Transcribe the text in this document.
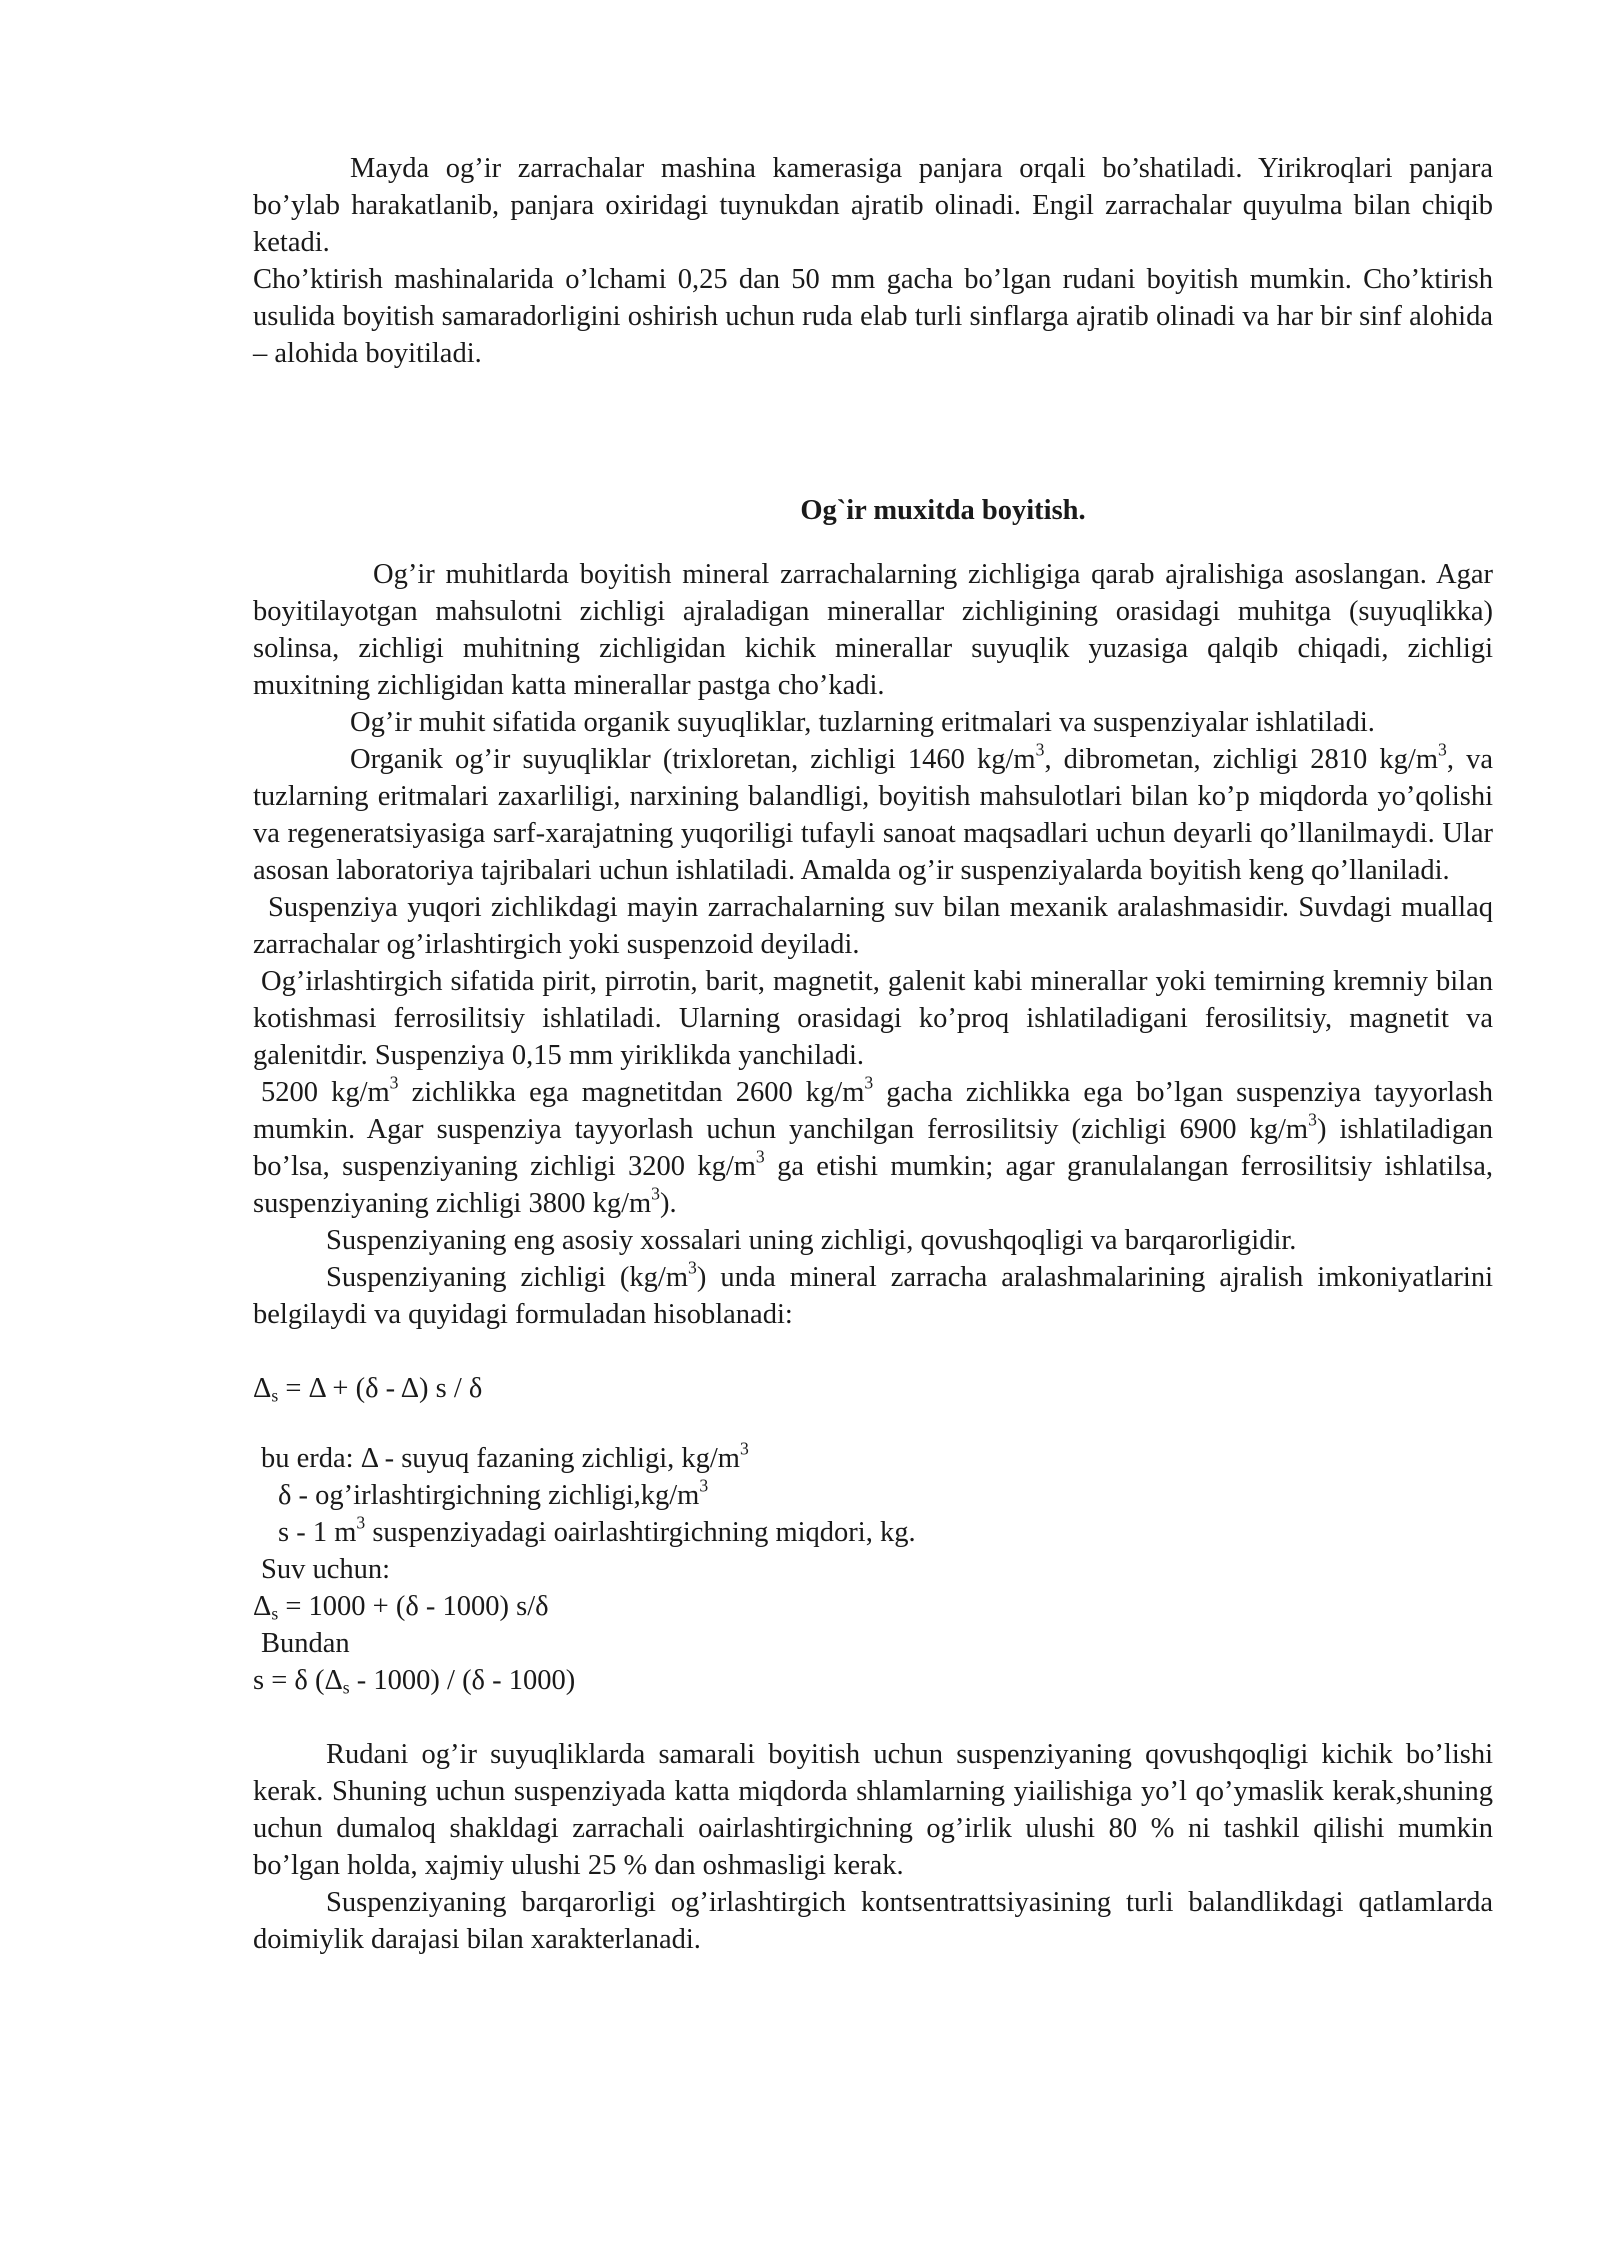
Mayda og’ir zarrachalar mashina kamerasiga panjara orqali bo’shatiladi. Yirikroqlari panjara bo’ylab harakatlanib, panjara oxiridagi tuynukdan ajratib olinadi. Engil zarrachalar quyulma bilan chiqib ketadi.

Cho’ktirish mashinalarida o’lchami 0,25 dan 50 mm gacha bo’lgan rudani boyitish mumkin. Cho’ktirish usulida boyitish samaradorligini oshirish uchun ruda elab turli sinflarga ajratib olinadi va har bir sinf alohida – alohida boyitiladi.

Og`ir muxitda boyitish.

Og’ir muhitlarda boyitish mineral zarrachalarning zichligiga qarab ajralishiga asoslangan. Agar boyitilayotgan mahsulotni zichligi ajraladigan minerallar zichligining orasidagi muhitga (suyuqlikka) solinsa, zichligi muhitning zichligidan kichik minerallar suyuqlik yuzasiga qalqib chiqadi, zichligi muxitning zichligidan katta minerallar pastga cho’kadi.

Og’ir muhit sifatida organik suyuqliklar, tuzlarning eritmalari va suspenziyalar ishlatiladi.

Organik og’ir suyuqliklar (trixloretan, zichligi 1460 $kg/m^3$, dibrometan, zichligi 2810 $kg/m^3$, va tuzlarning eritmalari zaxarliligi, narxining balandligi, boyitish mahsulotlari bilan ko’p miqdorda yo’qolishi va regeneratsiyasiga sarf-xarajatning yuqoriligi tufayli sanoat maqsadlari uchun deyarli qo’llanilmaydi. Ular asosan laboratoriya tajribalari uchun ishlatiladi. Amalda og’ir suspenziyalarda boyitish keng qo’llaniladi.

Suspenziya yuqori zichlikdagi mayin zarrachalarning suv bilan mexanik aralashmasidir. Suvdagi muallaq zarrachalar og’irlashtirgich yoki suspenzoid deyiladi.

Og’irlashtirgich sifatida pirit, pirrotin, barit, magnetit, galenit kabi minerallar yoki temirning kremniy bilan kotishmasi ferrosilitsiy ishlatiladi. Ularning orasidagi ko’proq ishlatiladigani ferosilitsiy, magnetit va galenitdir. Suspenziya 0,15 mm yiriklikda yanchiladi.

5200 $kg/m^3$ zichlikka ega magnetitdan 2600 $kg/m^3$ gacha zichlikka ega bo’lgan suspenziya tayyorlash mumkin. Agar suspenziya tayyorlash uchun yanchilgan ferrosilitsiy (zichligi 6900 $kg/m^3$) ishlatiladigan bo’lsa, suspenziyaning zichligi 3200 $kg/m^3$ ga etishi mumkin; agar granulalangan ferrosilitsiy ishlatilsa, suspenziyaning zichligi 3800 $kg/m^3$).

Suspenziyaning eng asosiy xossalari uning zichligi, qovushqoqligi va barqarorligidir.

Suspenziyaning zichligi $(kg/m^3)$ unda mineral zarracha aralashmalarining ajralish imkoniyatlarini belgilaydi va quyidagi formuladan hisoblanadi:

$\Delta_s = \Delta + (\delta - \Delta)$ s / δ

bu erda: Δ - suyuq fazaning zichligi, $kg/m^3$

δ - og’irlashtirgichning $zichligi,kg/m^3$

s - 1 $m^3$ suspenziyadagi oairlashtirgichning miqdori, kg.

Suv uchun:

$\Delta_s = 1000 + (\delta - 1000)$ s/δ

Bundan

s = δ $(\Delta_s - 1000) / (\delta - 1000)$

Rudani og’ir suyuqliklarda samarali boyitish uchun suspenziyaning qovushqoqligi kichik bo’lishi kerak. Shuning uchun suspenziyada katta miqdorda shlamlarning yiailishiga yo’l qo’ymaslik kerak,shuning uchun dumaloq shakldagi zarrachali oairlashtirgichning og’irlik ulushi 80 % ni tashkil qilishi mumkin bo’lgan holda, xajmiy ulushi 25 % dan oshmasligi kerak.

Suspenziyaning barqarorligi og’irlashtirgich kontsentrattsiyasining turli balandlikdagi qatlamlarda doimiylik darajasi bilan xarakterlanadi.
